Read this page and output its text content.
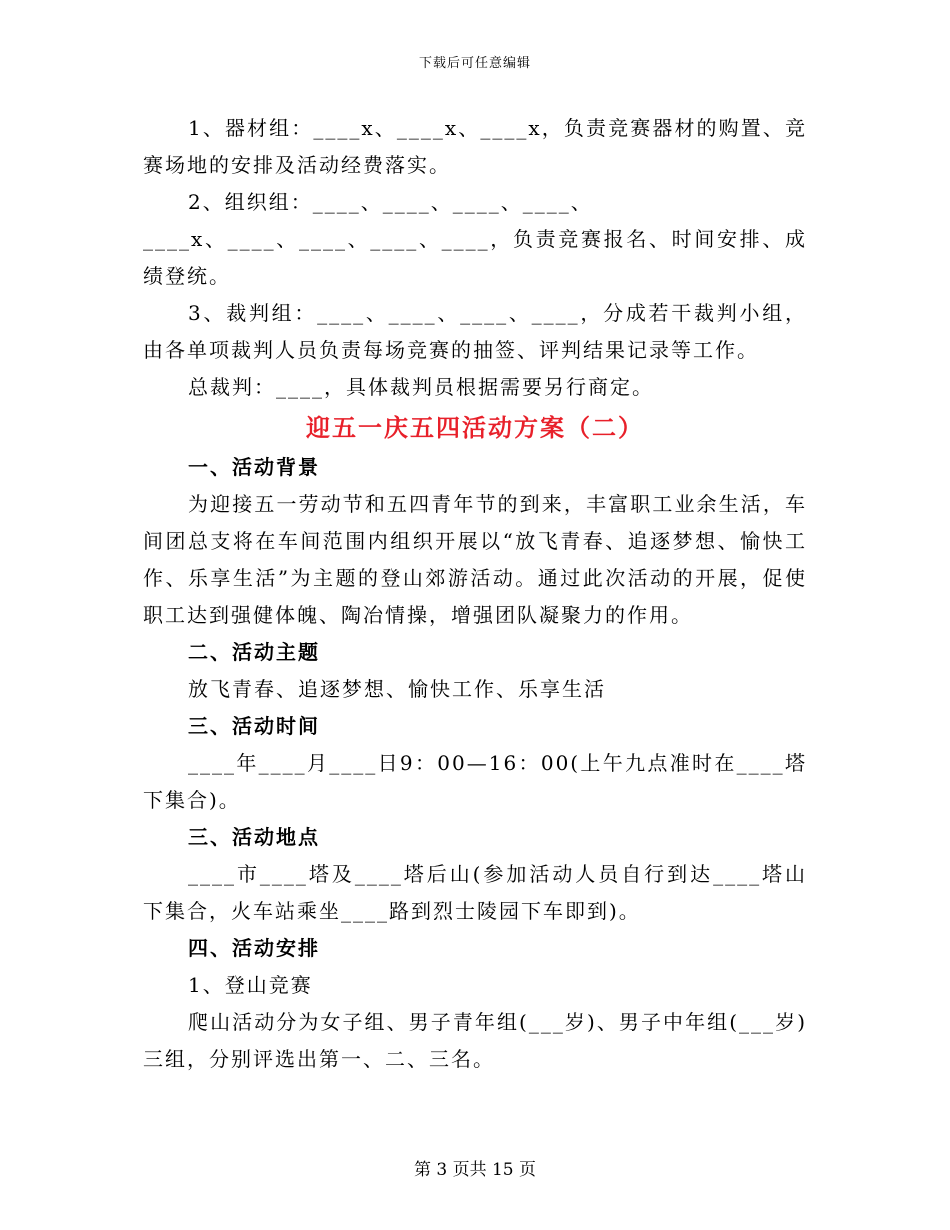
下载后可任意编辑

1、器材组：____x、____x、____x，负责竞赛器材的购置、竞赛场地的安排及活动经费落实。

2、组织组：____、____、____、____、

____x、____、____、____、____，负责竞赛报名、时间安排、成绩登统。

3、裁判组：____、____、____、____，分成若干裁判小组，由各单项裁判人员负责每场竞赛的抽签、评判结果记录等工作。

总裁判：____，具体裁判员根据需要另行商定。

迎五一庆五四活动方案（二）

一、活动背景

为迎接五一劳动节和五四青年节的到来，丰富职工业余生活，车间团总支将在车间范围内组织开展以“放飞青春、追逐梦想、愉快工作、乐享生活”为主题的登山郊游活动。通过此次活动的开展，促使职工达到强健体魄、陶冶情操，增强团队凝聚力的作用。

二、活动主题

放飞青春、追逐梦想、愉快工作、乐享生活

三、活动时间

____年____月____日9：00—16：00(上午九点准时在____塔下集合)。

三、活动地点

____市____塔及____塔后山(参加活动人员自行到达____塔山下集合，火车站乘坐____路到烈士陵园下车即到)。

四、活动安排

1、登山竞赛

爬山活动分为女子组、男子青年组(___岁)、男子中年组(___岁)三组，分别评选出第一、二、三名。

第 3 页共 15 页
